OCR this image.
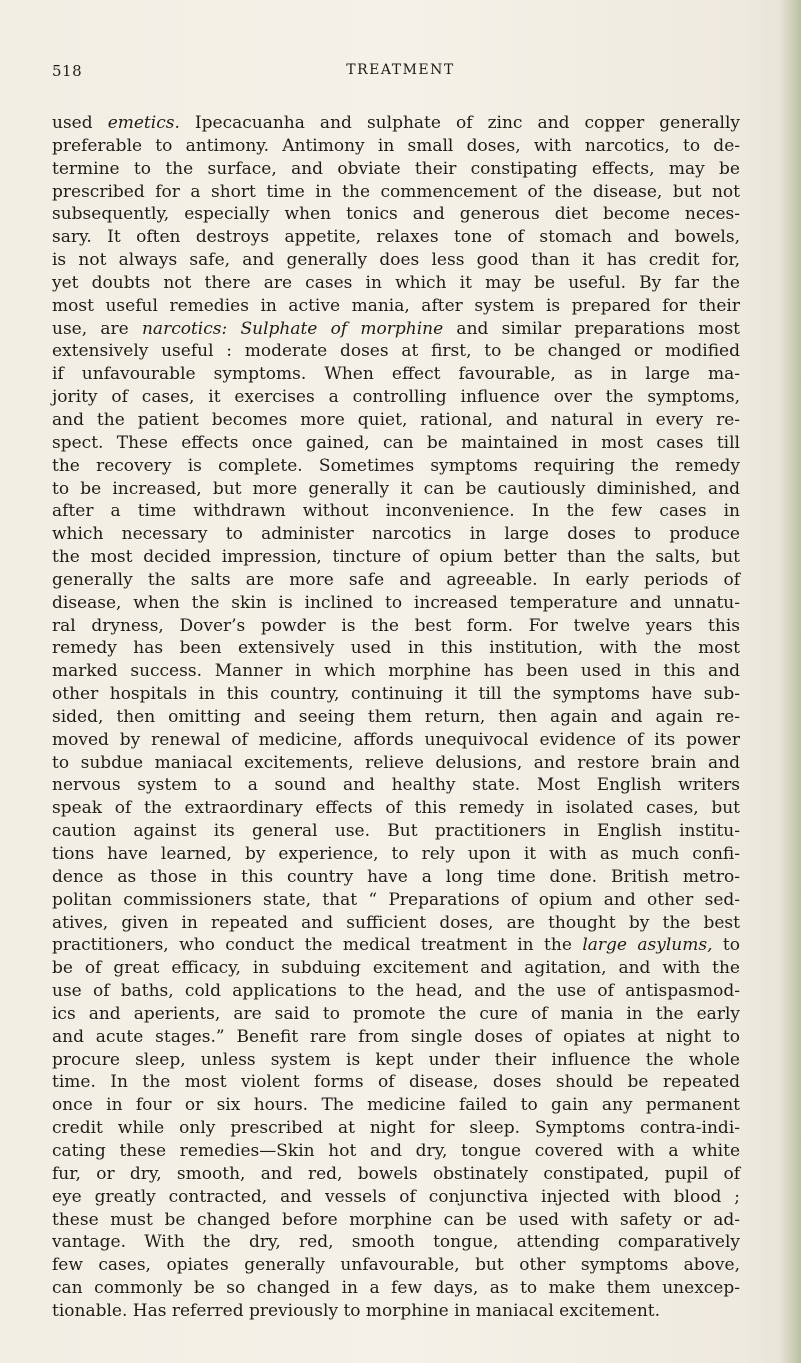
518	TREATMENT
used emetics. Ipecacuanha and sulphate of zinc and copper generally
preferable to antimony. Antimony in small doses, with narcotics, to de-
termine to the surface, and obviate their constipating effects, may be
prescribed for a short time in the commencement of the disease, but not
subsequently, especially when tonics and generous diet become neces-
sary. It often destroys appetite, relaxes tone of stomach and bowels,
is not always safe, and generally does less good than it has credit for,
yet doubts not there are cases in which it may be useful. By far the
most useful remedies in active mania, after system is prepared for their
use, are narcotics: Sulphate of morphine and similar preparations most
extensively useful : moderate doses at first, to be changed or modified
if unfavourable symptoms. When effect favourable, as in large ma-
jority of cases, it exercises a controlling influence over the symptoms,
and the patient becomes more quiet, rational, and natural in every re-
spect. These effects once gained, can be maintained in most cases till
the recovery is complete. Sometimes symptoms requiring the remedy
to be increased, but more generally it can be cautiously diminished, and
after a time withdrawn without inconvenience. In the few cases in
which necessary to administer narcotics in large doses to produce
the most decided impression, tincture of opium better than the salts, but
generally the salts are more safe and agreeable. In early periods of
disease, when the skin is inclined to increased temperature and unnatu-
ral dryness, Dover’s powder is the best form. For twelve years this
remedy has been extensively used in this institution, with the most
marked success. Manner in which morphine has been used in this and
other hospitals in this country, continuing it till the symptoms have sub-
sided, then omitting and seeing them return, then again and again re-
moved by renewal of medicine, affords unequivocal evidence of its power
to subdue maniacal excitements, relieve delusions, and restore brain and
nervous system to a sound and healthy state. Most English writers
speak of the extraordinary effects of this remedy in isolated cases, but
caution against its general use. But practitioners in English institu-
tions have learned, by experience, to rely upon it with as much confi-
dence as those in this country have a long time done. British metro-
politan commissioners state, that “ Preparations of opium and other sed-
atives, given in repeated and sufficient doses, are thought by the best
practitioners, who conduct the medical treatment in the large asylums, to
be of great efficacy, in subduing excitement and agitation, and with the
use of baths, cold applications to the head, and the use of antispasmod-
ics and aperients, are said to promote the cure of mania in the early
and acute stages.” Benefit rare from single doses of opiates at night to
procure sleep, unless system is kept under their influence the whole
time. In the most violent forms of disease, doses should be repeated
once in four or six hours. The medicine failed to gain any permanent
credit while only prescribed at night for sleep. Symptoms contra-indi-
cating these remedies—Skin hot and dry, tongue covered with a white
fur, or dry, smooth, and red, bowels obstinately constipated, pupil of
eye greatly contracted, and vessels of conjunctiva injected with blood ;
these must be changed before morphine can be used with safety or ad-
vantage. With the dry, red, smooth tongue, attending comparatively
few cases, opiates generally unfavourable, but other symptoms above,
can commonly be so changed in a few days, as to make them unexcep-
tionable. Has referred previously to morphine in maniacal excitement.
